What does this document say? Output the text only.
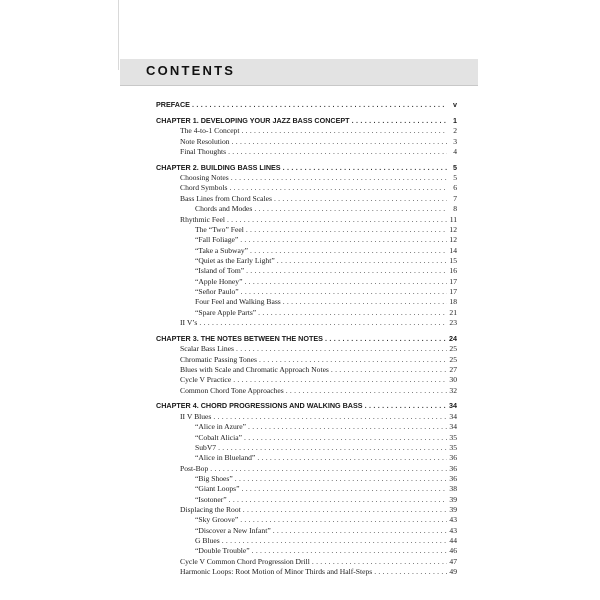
CONTENTS
PREFACE . . .	v
CHAPTER 1. DEVELOPING YOUR JAZZ BASS CONCEPT . . .	1
The 4-to-1 Concept . . .	2
Note Resolution . . .	3
Final Thoughts . . .	4
CHAPTER 2. BUILDING BASS LINES . . .	5
Choosing Notes . . .	5
Chord Symbols . . .	6
Bass Lines from Chord Scales . . .	7
Chords and Modes . . .	8
Rhythmic Feel . . .	11
The “Two” Feel . . .	12
“Fall Foliage” . . .	12
“Take a Subway” . . .	14
“Quiet as the Early Light” . . .	15
“Island of Tom” . . .	16
“Apple Honey” . . .	17
“Señor Paulo” . . .	17
Four Feel and Walking Bass . . .	18
“Spare Apple Parts” . . .	21
II V’s . . .	23
CHAPTER 3. THE NOTES BETWEEN THE NOTES . . .	24
Scalar Bass Lines . . .	25
Chromatic Passing Tones . . .	25
Blues with Scale and Chromatic Approach Notes . . .	27
Cycle V Practice . . .	30
Common Chord Tone Approaches . . .	32
CHAPTER 4. CHORD PROGRESSIONS AND WALKING BASS . . .	34
II V Blues . . .	34
“Alice in Azure” . . .	34
“Cobalt Alicia” . . .	35
SubV7 . . .	35
“Alice in Blueland” . . .	36
Post-Bop . . .	36
“Big Shoes” . . .	36
“Giant Loops” . . .	38
“Isotoner” . . .	39
Displacing the Root . . .	39
“Sky Groove” . . .	43
“Discover a New Infant” . . .	43
G Blues . . .	44
“Double Trouble” . . .	46
Cycle V Common Chord Progression Drill . . .	47
Harmonic Loops: Root Motion of Minor Thirds and Half-Steps . . .	49
